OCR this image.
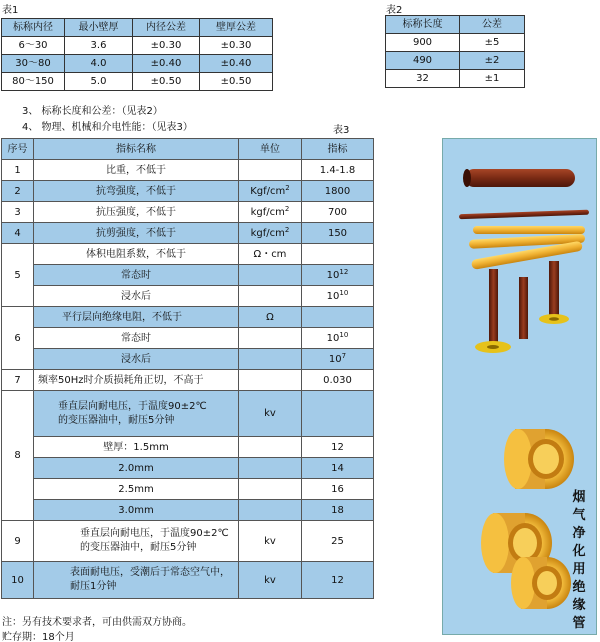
表1
标称内径	最小壁厚	内径公差	壁厚公差
6～30	3.6	±0.30	±0.30
30～80	4.0	±0.40	±0.40
80～150	5.0	±0.50	±0.50
表2
标称长度	公差
900	±5
490	±2
32	±1
3、 标称长度和公差：（见表2）
4、 物理、机械和介电性能：（见表3）	表3
序号	指标名称	单位	指标
1	比重，不低于		1.4-1.8
2	抗弯强度，不低于	Kgf/$cm^2$	1800
3	抗压强度，不低于	kgf/$cm^2$	700
4	抗剪强度，不低于	kgf/$cm^2$	150
5	体积电阻系数，不低于	Ω・cm	
	常态时		$10^{12}$
	浸水后		$10^{10}$
6	平行层向绝缘电阻，不低于	Ω	
	常态时		$10^{10}$
	浸水后		$10^7$
7	频率50Hz时介质损耗角正切，不高于		0.030
8	垂直层向耐电压，于温度90±2℃
的变压器油中，耐压5分钟	kv	
	壁厚：1.5mm		12
	2.0mm		14
	2.5mm		16
	3.0mm		18
9	垂直层向耐电压，于温度90±2℃
的变压器油中，耐压5分钟	kv	25
10	表面耐电压，受潮后于常态空气中，
耐压1分钟	kv	12
注：另有技术要求者，可由供需双方协商。
贮存期：18个月
烟
气
净
化
用
绝
缘
管
